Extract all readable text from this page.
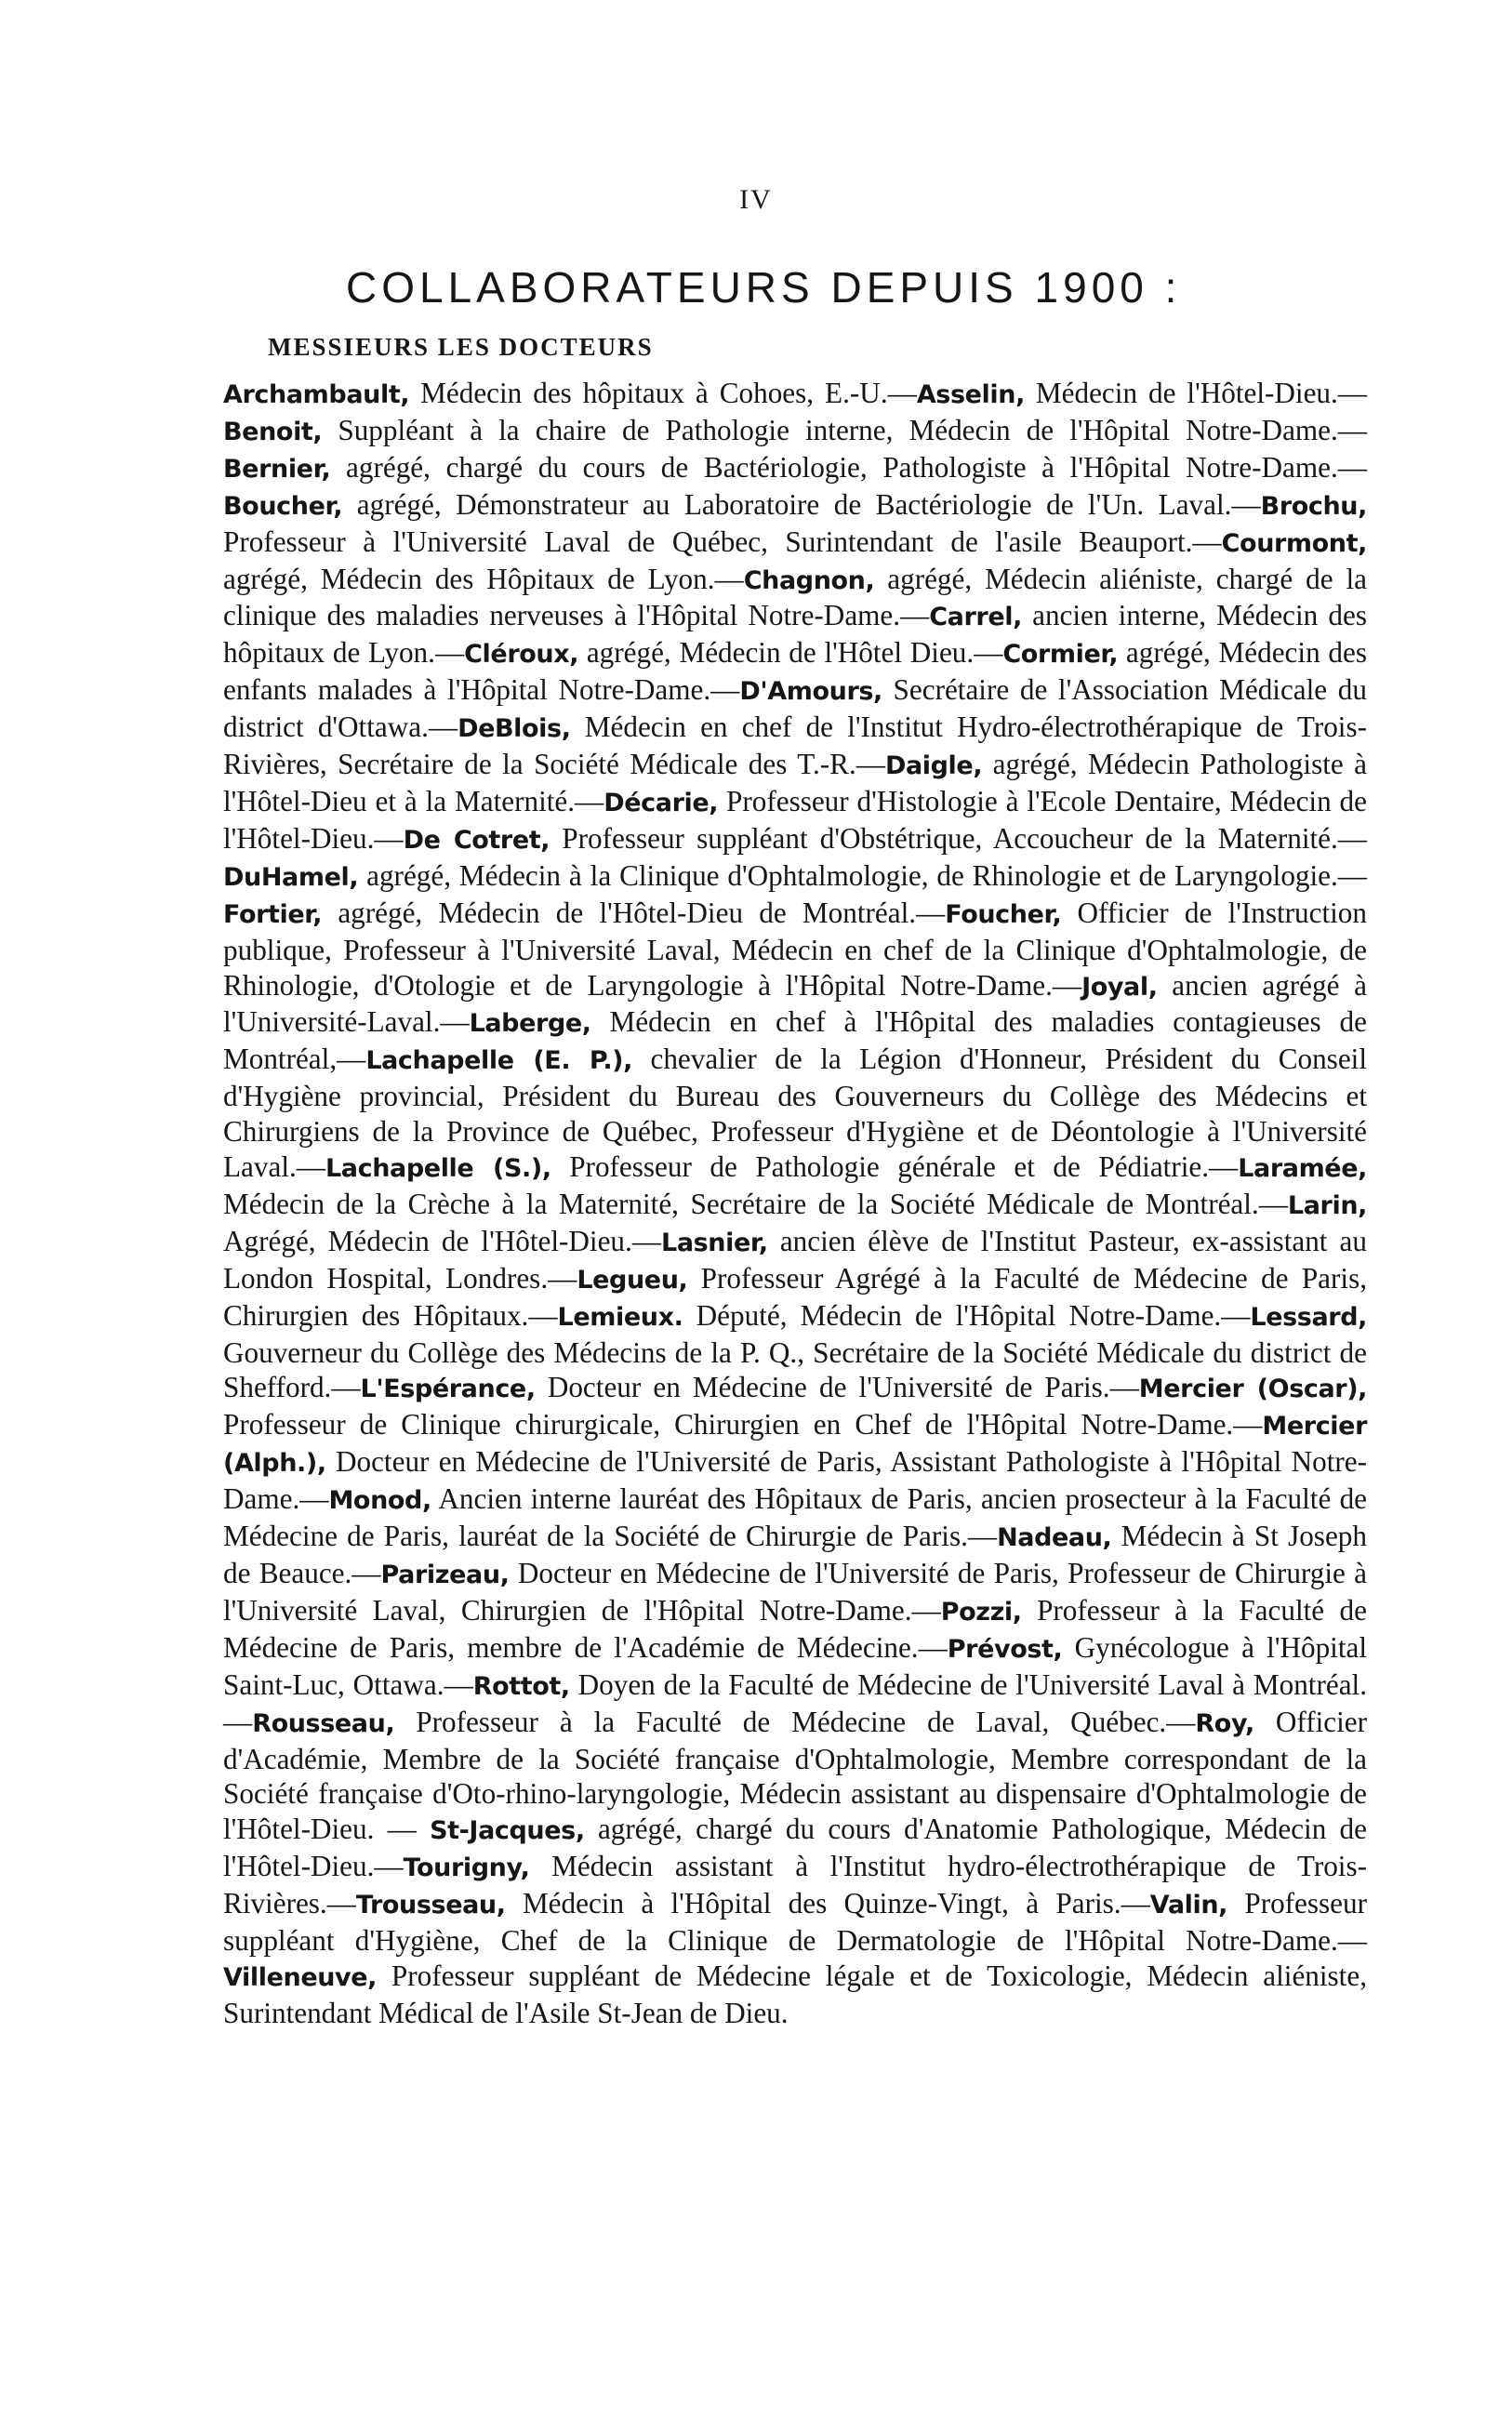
IV
COLLABORATEURS DEPUIS 1900 :
MESSIEURS LES DOCTEURS

Archambault, Médecin des hôpitaux à Cohoes, E.-U.—Asselin, Médecin de l'Hôtel-Dieu.—Benoit, Suppléant à la chaire de Pathologie interne, Médecin de l'Hôpital Notre-Dame.—Bernier, agrégé, chargé du cours de Bactériologie, Pathologiste à l'Hôpital Notre-Dame.—Boucher, agrégé, Démonstrateur au Laboratoire de Bactériologie de l'Un. Laval.—Brochu, Professeur à l'Université Laval de Québec, Surintendant de l'asile Beauport.—Courmont, agrégé, Médecin des Hôpitaux de Lyon.—Chagnon, agrégé, Médecin aliéniste, chargé de la clinique des maladies nerveuses à l'Hôpital Notre-Dame.—Carrel, ancien interne, Médecin des hôpitaux de Lyon.—Cléroux, agrégé, Médecin de l'Hôtel Dieu.—Cormier, agrégé, Médecin des enfants malades à l'Hôpital Notre-Dame.—D'Amours, Secrétaire de l'Association Médicale du district d'Ottawa.—DeBlois, Médecin en chef de l'Institut Hydro-électrothérapique de Trois-Rivières, Secrétaire de la Société Médicale des T.-R.—Daigle, agrégé, Médecin Pathologiste à l'Hôtel-Dieu et à la Maternité.—Décarie, Professeur d'Histologie à l'Ecole Dentaire, Médecin de l'Hôtel-Dieu.—De Cotret, Professeur suppléant d'Obstétrique, Accoucheur de la Maternité.—DuHamel, agrégé, Médecin à la Clinique d'Ophtalmologie, de Rhinologie et de Laryngologie.—Fortier, agrégé, Médecin de l'Hôtel-Dieu de Montréal.—Foucher, Officier de l'Instruction publique, Professeur à l'Université Laval, Médecin en chef de la Clinique d'Ophtalmologie, de Rhinologie, d'Otologie et de Laryngologie à l'Hôpital Notre-Dame.—Joyal, ancien agrégé à l'Université-Laval.—Laberge, Médecin en chef à l'Hôpital des maladies contagieuses de Montréal,—Lachapelle (E. P.), chevalier de la Légion d'Honneur, Président du Conseil d'Hygiène provincial, Président du Bureau des Gouverneurs du Collège des Médecins et Chirurgiens de la Province de Québec, Professeur d'Hygiène et de Déontologie à l'Université Laval.—Lachapelle (S.), Professeur de Pathologie générale et de Pédiatrie.—Laramée, Médecin de la Crèche à la Maternité, Secrétaire de la Société Médicale de Montréal.—Larin, Agrégé, Médecin de l'Hôtel-Dieu.—Lasnier, ancien élève de l'Institut Pasteur, ex-assistant au London Hospital, Londres.—Legueu, Professeur Agrégé à la Faculté de Médecine de Paris, Chirurgien des Hôpitaux.—Lemieux. Député, Médecin de l'Hôpital Notre-Dame.—Lessard, Gouverneur du Collège des Médecins de la P. Q., Secrétaire de la Société Médicale du district de Shefford.—L'Espérance, Docteur en Médecine de l'Université de Paris.—Mercier (Oscar), Professeur de Clinique chirurgicale, Chirurgien en Chef de l'Hôpital Notre-Dame.—Mercier (Alph.), Docteur en Médecine de l'Université de Paris, Assistant Pathologiste à l'Hôpital Notre-Dame.—Monod, Ancien interne lauréat des Hôpitaux de Paris, ancien prosecteur à la Faculté de Médecine de Paris, lauréat de la Société de Chirurgie de Paris.—Nadeau, Médecin à St Joseph de Beauce.—Parizeau, Docteur en Médecine de l'Université de Paris, Professeur de Chirurgie à l'Université Laval, Chirurgien de l'Hôpital Notre-Dame.—Pozzi, Professeur à la Faculté de Médecine de Paris, membre de l'Académie de Médecine.—Prévost, Gynécologue à l'Hôpital Saint-Luc, Ottawa.—Rottot, Doyen de la Faculté de Médecine de l'Université Laval à Montréal.—Rousseau, Professeur à la Faculté de Médecine de Laval, Québec.—Roy, Officier d'Académie, Membre de la Société française d'Ophtalmologie, Membre correspondant de la Société française d'Oto-rhino-laryngologie, Médecin assistant au dispensaire d'Ophtalmologie de l'Hôtel-Dieu. — St-Jacques, agrégé, chargé du cours d'Anatomie Pathologique, Médecin de l'Hôtel-Dieu.—Tourigny, Médecin assistant à l'Institut hydro-électrothérapique de Trois-Rivières.—Trousseau, Médecin à l'Hôpital des Quinze-Vingt, à Paris.—Valin, Professeur suppléant d'Hygiène, Chef de la Clinique de Dermatologie de l'Hôpital Notre-Dame.—Villeneuve, Professeur suppléant de Médecine légale et de Toxicologie, Médecin aliéniste, Surintendant Médical de l'Asile St-Jean de Dieu.
